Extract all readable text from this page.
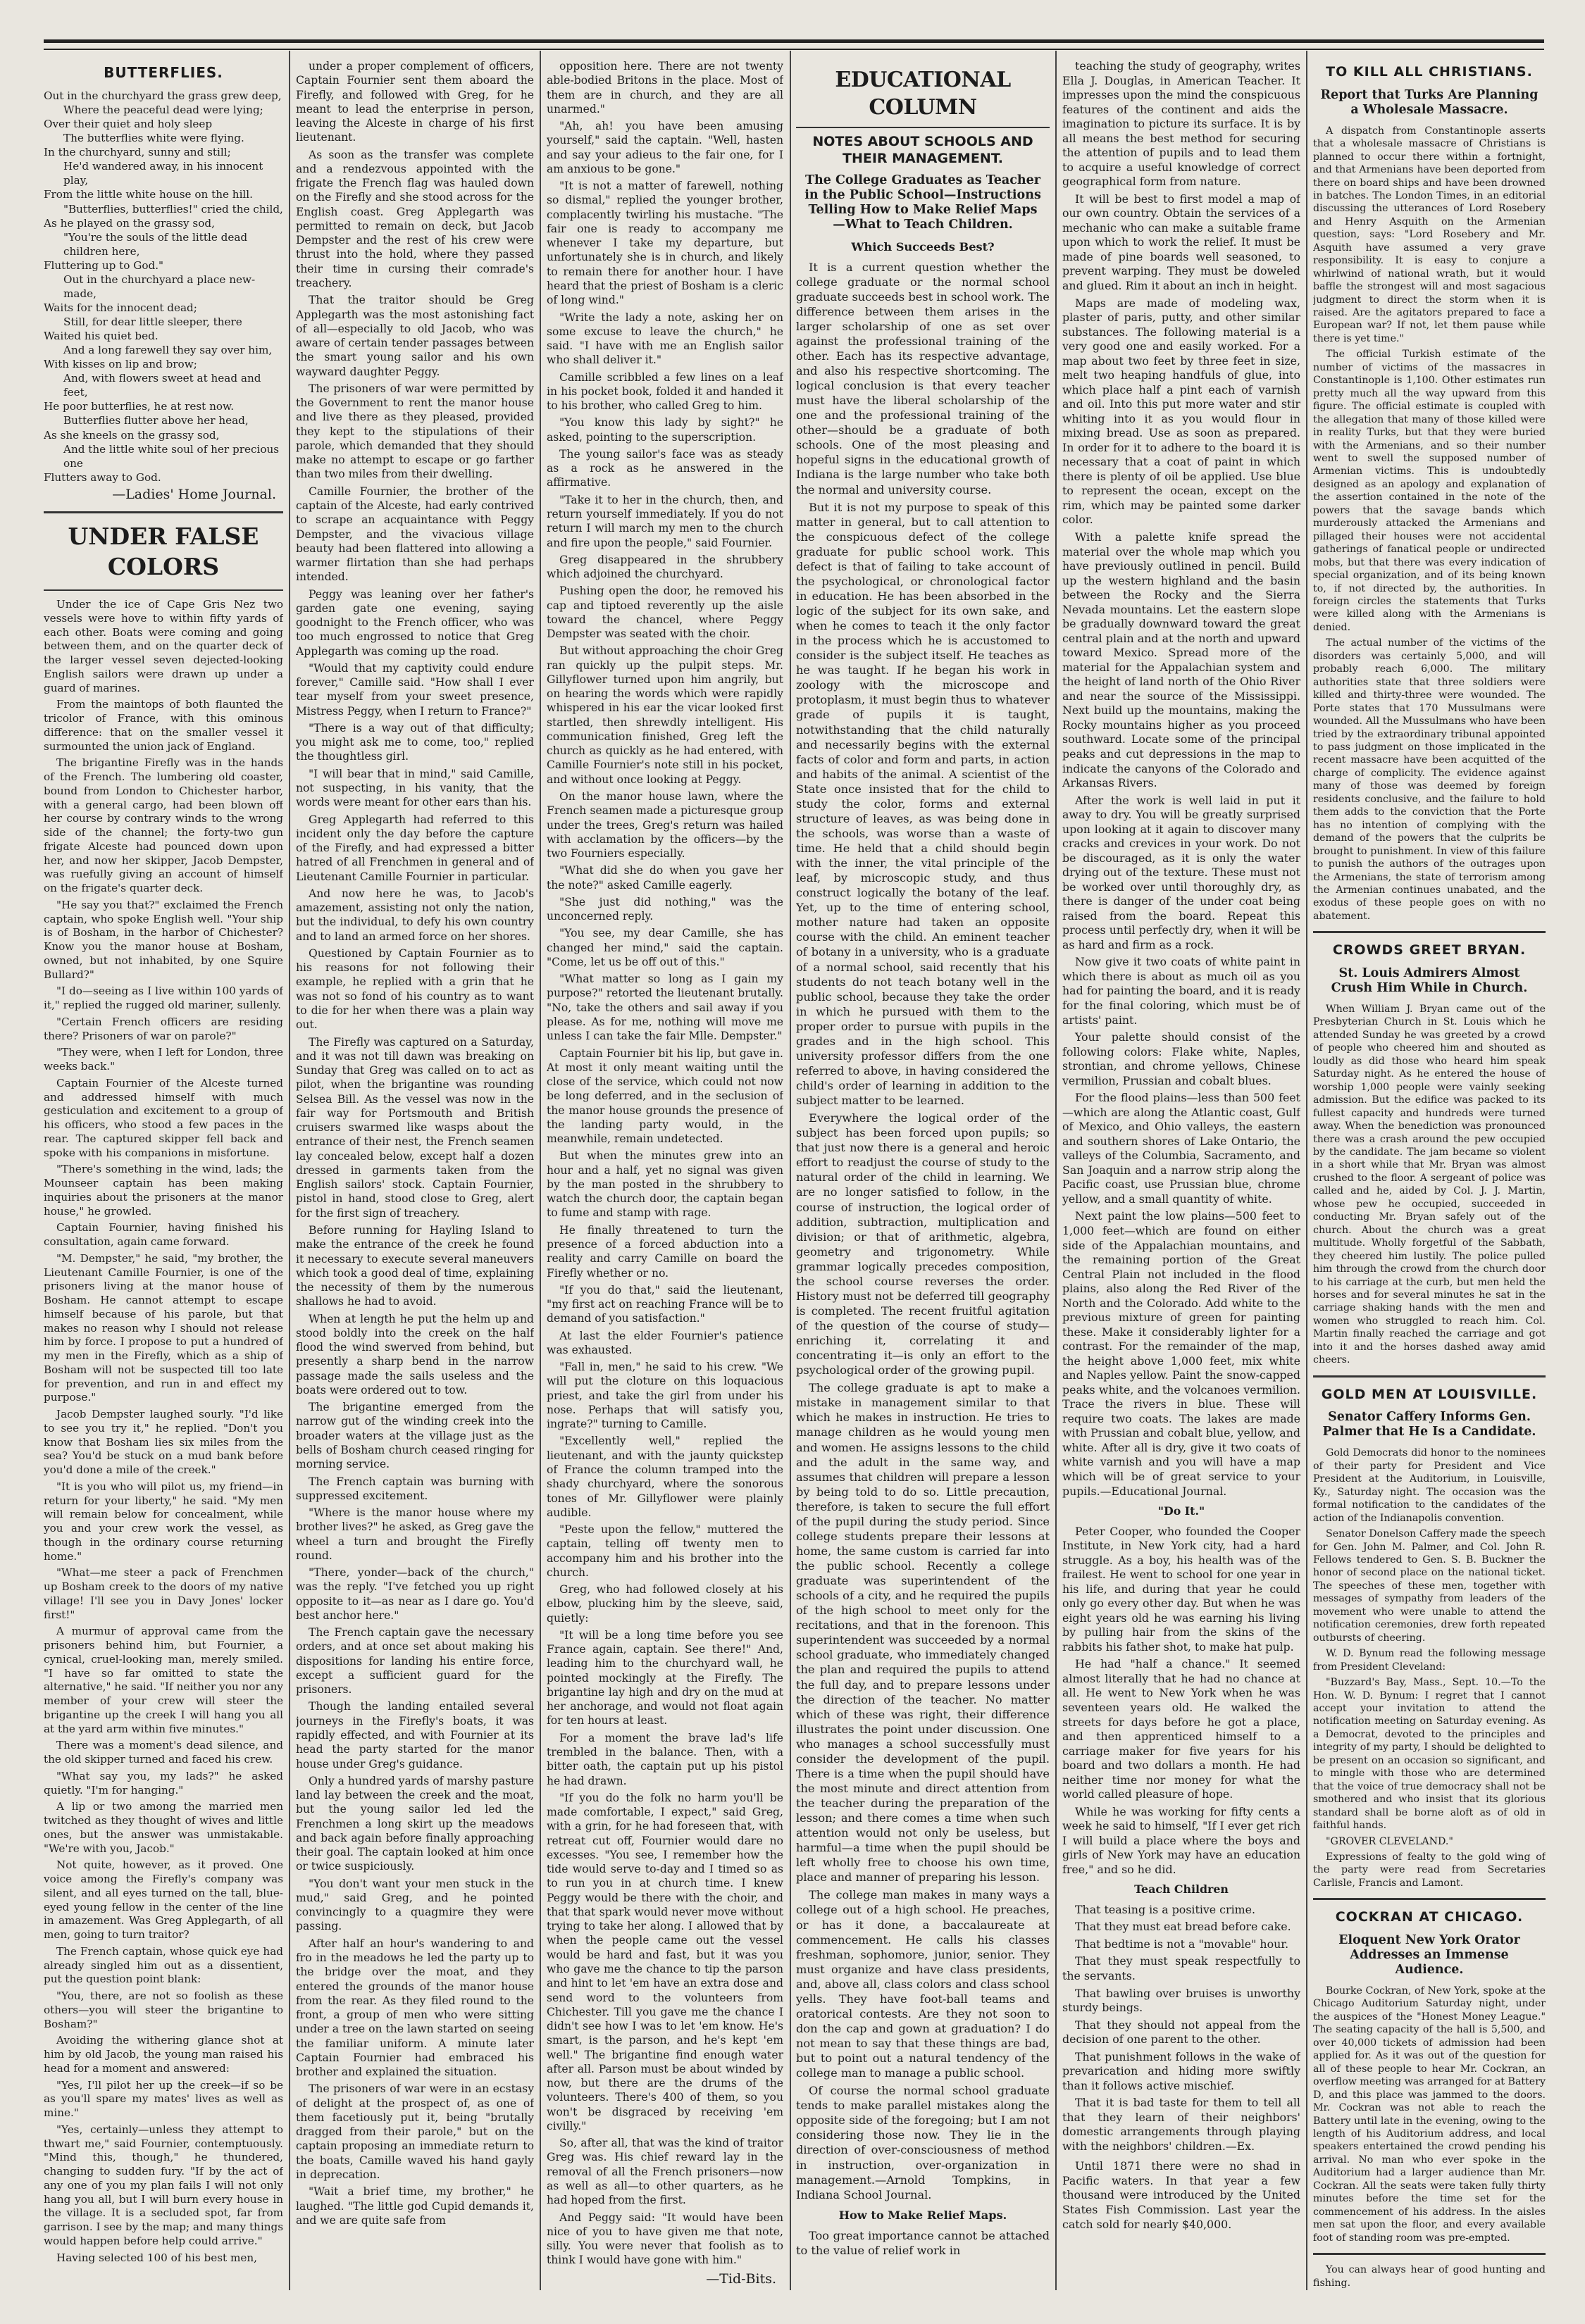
BUTTERFLIES.
Out in the churchyard the grass grew deep,
Where the peaceful dead were lying;
Over their quiet and holy sleep
The butterflies white were flying.
In the churchyard, sunny and still;
He'd wandered away, in his innocent play,
From the little white house on the hill.
"Butterflies, butterflies!" cried the child,
As he played on the grassy sod,
"You're the souls of the little dead children here,
Fluttering up to God."
Out in the churchyard a place new-made,
Waits for the innocent dead;
Still, for dear little sleeper, there
Waited his quiet bed.
And a long farewell they say over him,
With kisses on lip and brow;
And, with flowers sweet at head and feet,
He poor butterflies, he at rest now.
Butterflies flutter above her head,
As she kneels on the grassy sod,
And the little white soul of her precious one
Flutters away to God.
—Ladies' Home Journal.
UNDER FALSE COLORS
Under the ice of Cape Gris Nez two vessels were hove to within fifty yards of each other. Boats were coming and going between them, and on the quarter deck of the larger vessel seven dejected-looking English sailors were drawn up under a guard of marines.
From the maintops of both flaunted the tricolor of France, with this ominous difference: that on the smaller vessel it surmounted the union jack of England.
The brigantine Firefly was in the hands of the French. The lumbering old coaster, bound from London to Chichester harbor, with a general cargo, had been blown off her course by contrary winds to the wrong side of the channel; the forty-two gun frigate Alceste had pounced down upon her, and now her skipper, Jacob Dempster, was ruefully giving an account of himself on the frigate's quarter deck.
"He say you that?" exclaimed the French captain, who spoke English well. "Your ship is of Bosham, in the harbor of Chichester? Know you the manor house at Bosham, owned, but not inhabited, by one Squire Bullard?"
"I do—seeing as I live within 100 yards of it," replied the rugged old mariner, sullenly.
"Certain French officers are residing there? Prisoners of war on parole?"
"They were, when I left for London, three weeks back."
Captain Fournier of the Alceste turned and addressed himself with much gesticulation and excitement to a group of his officers, who stood a few paces in the rear. The captured skipper fell back and spoke with his companions in misfortune.
"There's something in the wind, lads; the Mounseer captain has been making inquiries about the prisoners at the manor house," he growled.
Captain Fournier, having finished his consultation, again came forward.
"M. Dempster," he said, "my brother, the Lieutenant Camille Fournier, is one of the prisoners living at the manor house of Bosham. He cannot attempt to escape himself because of his parole, but that makes no reason why I should not release him by force. I propose to put a hundred of my men in the Firefly, which as a ship of Bosham will not be suspected till too late for prevention, and run in and effect my purpose."
Jacob Dempster laughed sourly. "I'd like to see you try it," he replied. "Don't you know that Bosham lies six miles from the sea? You'd be stuck on a mud bank before you'd done a mile of the creek."
"It is you who will pilot us, my friend—in return for your liberty," he said. "My men will remain below for concealment, while you and your crew work the vessel, as though in the ordinary course returning home."
"What—me steer a pack of Frenchmen up Bosham creek to the doors of my native village! I'll see you in Davy Jones' locker first!"
A murmur of approval came from the prisoners behind him, but Fournier, a cynical, cruel-looking man, merely smiled. "I have so far omitted to state the alternative," he said. "If neither you nor any member of your crew will steer the brigantine up the creek I will hang you all at the yard arm within five minutes."
There was a moment's dead silence, and the old skipper turned and faced his crew.
"What say you, my lads?" he asked quietly. "I'm for hanging."
A lip or two among the married men twitched as they thought of wives and little ones, but the answer was unmistakable. "We're with you, Jacob."
Not quite, however, as it proved. One voice among the Firefly's company was silent, and all eyes turned on the tall, blue-eyed young fellow in the center of the line in amazement. Was Greg Applegarth, of all men, going to turn traitor?
The French captain, whose quick eye had already singled him out as a dissentient, put the question point blank:
"You, there, are not so foolish as these others—you will steer the brigantine to Bosham?"
Avoiding the withering glance shot at him by old Jacob, the young man raised his head for a moment and answered:
"Yes, I'll pilot her up the creek—if so be as you'll spare my mates' lives as well as mine."
"Yes, certainly—unless they attempt to thwart me," said Fournier, contemptuously. "Mind this, though," he thundered, changing to sudden fury. "If by the act of any one of you my plan fails I will not only hang you all, but I will burn every house in the village. It is a secluded spot, far from garrison. I see by the map; and many things would happen before help could arrive."
Having selected 100 of his best men,
under a proper complement of officers, Captain Fournier sent them aboard the Firefly, and followed with Greg, for he meant to lead the enterprise in person, leaving the Alceste in charge of his first lieutenant.
As soon as the transfer was complete and a rendezvous appointed with the frigate the French flag was hauled down on the Firefly and she stood across for the English coast. Greg Applegarth was permitted to remain on deck, but Jacob Dempster and the rest of his crew were thrust into the hold, where they passed their time in cursing their comrade's treachery.
That the traitor should be Greg Applegarth was the most astonishing fact of all—especially to old Jacob, who was aware of certain tender passages between the smart young sailor and his own wayward daughter Peggy.
The prisoners of war were permitted by the Government to rent the manor house and live there as they pleased, provided they kept to the stipulations of their parole, which demanded that they should make no attempt to escape or go farther than two miles from their dwelling.
Camille Fournier, the brother of the captain of the Alceste, had early contrived to scrape an acquaintance with Peggy Dempster, and the vivacious village beauty had been flattered into allowing a warmer flirtation than she had perhaps intended.
Peggy was leaning over her father's garden gate one evening, saying goodnight to the French officer, who was too much engrossed to notice that Greg Applegarth was coming up the road.
"Would that my captivity could endure forever," Camille said. "How shall I ever tear myself from your sweet presence, Mistress Peggy, when I return to France?"
"There is a way out of that difficulty; you might ask me to come, too," replied the thoughtless girl.
"I will bear that in mind," said Camille, not suspecting, in his vanity, that the words were meant for other ears than his.
Greg Applegarth had referred to this incident only the day before the capture of the Firefly, and had expressed a bitter hatred of all Frenchmen in general and of Lieutenant Camille Fournier in particular.
And now here he was, to Jacob's amazement, assisting not only the nation, but the individual, to defy his own country and to land an armed force on her shores.
Questioned by Captain Fournier as to his reasons for not following their example, he replied with a grin that he was not so fond of his country as to want to die for her when there was a plain way out.
The Firefly was captured on a Saturday, and it was not till dawn was breaking on Sunday that Greg was called on to act as pilot, when the brigantine was rounding Selsea Bill. As the vessel was now in the fair way for Portsmouth and British cruisers swarmed like wasps about the entrance of their nest, the French seamen lay concealed below, except half a dozen dressed in garments taken from the English sailors' stock. Captain Fournier, pistol in hand, stood close to Greg, alert for the first sign of treachery.
Before running for Hayling Island to make the entrance of the creek he found it necessary to execute several maneuvers which took a good deal of time, explaining the necessity of them by the numerous shallows he had to avoid.
When at length he put the helm up and stood boldly into the creek on the half flood the wind swerved from behind, but presently a sharp bend in the narrow passage made the sails useless and the boats were ordered out to tow.
The brigantine emerged from the narrow gut of the winding creek into the broader waters at the village just as the bells of Bosham church ceased ringing for morning service.
The French captain was burning with suppressed excitement.
"Where is the manor house where my brother lives?" he asked, as Greg gave the wheel a turn and brought the Firefly round.
"There, yonder—back of the church," was the reply. "I've fetched you up right opposite to it—as near as I dare go. You'd best anchor here."
The French captain gave the necessary orders, and at once set about making his dispositions for landing his entire force, except a sufficient guard for the prisoners.
Though the landing entailed several journeys in the Firefly's boats, it was rapidly effected, and with Fournier at its head the party started for the manor house under Greg's guidance.
Only a hundred yards of marshy pasture land lay between the creek and the moat, but the young sailor led led the Frenchmen a long skirt up the meadows and back again before finally approaching their goal. The captain looked at him once or twice suspiciously.
"You don't want your men stuck in the mud," said Greg, and he pointed convincingly to a quagmire they were passing.
After half an hour's wandering to and fro in the meadows he led the party up to the bridge over the moat, and they entered the grounds of the manor house from the rear. As they filed round to the front, a group of men who were sitting under a tree on the lawn started on seeing the familiar uniform. A minute later Captain Fournier had embraced his brother and explained the situation.
The prisoners of war were in an ecstasy of delight at the prospect of, as one of them facetiously put it, being "brutally dragged from their parole," but on the captain proposing an immediate return to the boats, Camille waved his hand gayly in deprecation.
"Wait a brief time, my brother," he laughed. "The little god Cupid demands it, and we are quite safe from
opposition here. There are not twenty able-bodied Britons in the place. Most of them are in church, and they are all unarmed."
"Ah, ah! you have been amusing yourself," said the captain. "Well, hasten and say your adieus to the fair one, for I am anxious to be gone."
"It is not a matter of farewell, nothing so dismal," replied the younger brother, complacently twirling his mustache. "The fair one is ready to accompany me whenever I take my departure, but unfortunately she is in church, and likely to remain there for another hour. I have heard that the priest of Bosham is a cleric of long wind."
"Write the lady a note, asking her on some excuse to leave the church," he said. "I have with me an English sailor who shall deliver it."
Camille scribbled a few lines on a leaf in his pocket book, folded it and handed it to his brother, who called Greg to him.
"You know this lady by sight?" he asked, pointing to the superscription.
The young sailor's face was as steady as a rock as he answered in the affirmative.
"Take it to her in the church, then, and return yourself immediately. If you do not return I will march my men to the church and fire upon the people," said Fournier.
Greg disappeared in the shrubbery which adjoined the churchyard.
Pushing open the door, he removed his cap and tiptoed reverently up the aisle toward the chancel, where Peggy Dempster was seated with the choir.
But without approaching the choir Greg ran quickly up the pulpit steps. Mr. Gillyflower turned upon him angrily, but on hearing the words which were rapidly whispered in his ear the vicar looked first startled, then shrewdly intelligent. His communication finished, Greg left the church as quickly as he had entered, with Camille Fournier's note still in his pocket, and without once looking at Peggy.
On the manor house lawn, where the French seamen made a picturesque group under the trees, Greg's return was hailed with acclamation by the officers—by the two Fourniers especially.
"What did she do when you gave her the note?" asked Camille eagerly.
"She just did nothing," was the unconcerned reply.
"You see, my dear Camille, she has changed her mind," said the captain. "Come, let us be off out of this."
"What matter so long as I gain my purpose?" retorted the lieutenant brutally. "No, take the others and sail away if you please. As for me, nothing will move me unless I can take the fair Mlle. Dempster."
Captain Fournier bit his lip, but gave in. At most it only meant waiting until the close of the service, which could not now be long deferred, and in the seclusion of the manor house grounds the presence of the landing party would, in the meanwhile, remain undetected.
But when the minutes grew into an hour and a half, yet no signal was given by the man posted in the shrubbery to watch the church door, the captain began to fume and stamp with rage.
He finally threatened to turn the presence of a forced abduction into a reality and carry Camille on board the Firefly whether or no.
"If you do that," said the lieutenant, "my first act on reaching France will be to demand of you satisfaction."
At last the elder Fournier's patience was exhausted.
"Fall in, men," he said to his crew. "We will put the cloture on this loquacious priest, and take the girl from under his nose. Perhaps that will satisfy you, ingrate?" turning to Camille.
"Excellently well," replied the lieutenant, and with the jaunty quickstep of France the column tramped into the shady churchyard, where the sonorous tones of Mr. Gillyflower were plainly audible.
"Peste upon the fellow," muttered the captain, telling off twenty men to accompany him and his brother into the church.
Greg, who had followed closely at his elbow, plucking him by the sleeve, said, quietly:
"It will be a long time before you see France again, captain. See there!" And, leading him to the churchyard wall, he pointed mockingly at the Firefly. The brigantine lay high and dry on the mud at her anchorage, and would not float again for ten hours at least.
For a moment the brave lad's life trembled in the balance. Then, with a bitter oath, the captain put up his pistol he had drawn.
"If you do the folk no harm you'll be made comfortable, I expect," said Greg, with a grin, for he had foreseen that, with retreat cut off, Fournier would dare no excesses. "You see, I remember how the tide would serve to-day and I timed so as to run you in at church time. I knew Peggy would be there with the choir, and that that spark would never move without trying to take her along. I allowed that by when the people came out the vessel would be hard and fast, but it was you who gave me the chance to tip the parson and hint to let 'em have an extra dose and send word to the volunteers from Chichester. Till you gave me the chance I didn't see how I was to let 'em know. He's smart, is the parson, and he's kept 'em well." The brigantine find enough water after all. Parson must be about winded by now, but there are the drums of the volunteers. There's 400 of them, so you won't be disgraced by receiving 'em civilly."
So, after all, that was the kind of traitor Greg was. His chief reward lay in the removal of all the French prisoners—now as well as all—to other quarters, as he had hoped from the first.
And Peggy said: "It would have been nice of you to have given me that note, silly. You were never that foolish as to think I would have gone with him."
—Tid-Bits.
EDUCATIONAL COLUMN
NOTES ABOUT SCHOOLS AND THEIR MANAGEMENT.
The College Graduates as Teacher in the Public School—Instructions Telling How to Make Relief Maps—What to Teach Children.
Which Succeeds Best?
It is a current question whether the college graduate or the normal school graduate succeeds best in school work. The difference between them arises in the larger scholarship of one as set over against the professional training of the other. Each has its respective advantage, and also his respective shortcoming. The logical conclusion is that every teacher must have the liberal scholarship of the one and the professional training of the other—should be a graduate of both schools. One of the most pleasing and hopeful signs in the educational growth of Indiana is the large number who take both the normal and university course.
But it is not my purpose to speak of this matter in general, but to call attention to the conspicuous defect of the college graduate for public school work. This defect is that of failing to take account of the psychological, or chronological factor in education. He has been absorbed in the logic of the subject for its own sake, and when he comes to teach it the only factor in the process which he is accustomed to consider is the subject itself. He teaches as he was taught. If he began his work in zoology with the microscope and protoplasm, it must begin thus to whatever grade of pupils it is taught, notwithstanding that the child naturally and necessarily begins with the external facts of color and form and parts, in action and habits of the animal. A scientist of the State once insisted that for the child to study the color, forms and external structure of leaves, as was being done in the schools, was worse than a waste of time. He held that a child should begin with the inner, the vital principle of the leaf, by microscopic study, and thus construct logically the botany of the leaf. Yet, up to the time of entering school, mother nature had taken an opposite course with the child. An eminent teacher of botany in a university, who is a graduate of a normal school, said recently that his students do not teach botany well in the public school, because they take the order in which he pursued with them to the proper order to pursue with pupils in the grades and in the high school. This university professor differs from the one referred to above, in having considered the child's order of learning in addition to the subject matter to be learned.
Everywhere the logical order of the subject has been forced upon pupils; so that just now there is a general and heroic effort to readjust the course of study to the natural order of the child in learning. We are no longer satisfied to follow, in the course of instruction, the logical order of addition, subtraction, multiplication and division; or that of arithmetic, algebra, geometry and trigonometry. While grammar logically precedes composition, the school course reverses the order. History must not be deferred till geography is completed. The recent fruitful agitation of the question of the course of study—enriching it, correlating it and concentrating it—is only an effort to the psychological order of the growing pupil.
The college graduate is apt to make a mistake in management similar to that which he makes in instruction. He tries to manage children as he would young men and women. He assigns lessons to the child and the adult in the same way, and assumes that children will prepare a lesson by being told to do so. Little precaution, therefore, is taken to secure the full effort of the pupil during the study period. Since college students prepare their lessons at home, the same custom is carried far into the public school. Recently a college graduate was superintendent of the schools of a city, and he required the pupils of the high school to meet only for the recitations, and that in the forenoon. This superintendent was succeeded by a normal school graduate, who immediately changed the plan and required the pupils to attend the full day, and to prepare lessons under the direction of the teacher. No matter which of these was right, their difference illustrates the point under discussion. One who manages a school successfully must consider the development of the pupil. There is a time when the pupil should have the most minute and direct attention from the teacher during the preparation of the lesson; and there comes a time when such attention would not only be useless, but harmful—a time when the pupil should be left wholly free to choose his own time, place and manner of preparing his lesson.
The college man makes in many ways a college out of a high school. He preaches, or has it done, a baccalaureate at commencement. He calls his classes freshman, sophomore, junior, senior. They must organize and have class presidents, and, above all, class colors and class school yells. They have foot-ball teams and oratorical contests. Are they not soon to don the cap and gown at graduation? I do not mean to say that these things are bad, but to point out a natural tendency of the college man to manage a public school.
Of course the normal school graduate tends to make parallel mistakes along the opposite side of the foregoing; but I am not considering those now. They lie in the direction of over-consciousness of method in instruction, over-organization in management.—Arnold Tompkins, in Indiana School Journal.
How to Make Relief Maps.
Too great importance cannot be attached to the value of relief work in
teaching the study of geography, writes Ella J. Douglas, in American Teacher. It impresses upon the mind the conspicuous features of the continent and aids the imagination to picture its surface. It is by all means the best method for securing the attention of pupils and to lead them to acquire a useful knowledge of correct geographical form from nature.
It will be best to first model a map of our own country. Obtain the services of a mechanic who can make a suitable frame upon which to work the relief. It must be made of pine boards well seasoned, to prevent warping. They must be doweled and glued. Rim it about an inch in height.
Maps are made of modeling wax, plaster of paris, putty, and other similar substances. The following material is a very good one and easily worked. For a map about two feet by three feet in size, melt two heaping handfuls of glue, into which place half a pint each of varnish and oil. Into this put more water and stir whiting into it as you would flour in mixing bread. Use as soon as prepared. In order for it to adhere to the board it is necessary that a coat of paint in which there is plenty of oil be applied. Use blue to represent the ocean, except on the rim, which may be painted some darker color.
With a palette knife spread the material over the whole map which you have previously outlined in pencil. Build up the western highland and the basin between the Rocky and the Sierra Nevada mountains. Let the eastern slope be gradually downward toward the great central plain and at the north and upward toward Mexico. Spread more of the material for the Appalachian system and the height of land north of the Ohio River and near the source of the Mississippi. Next build up the mountains, making the Rocky mountains higher as you proceed southward. Locate some of the principal peaks and cut depressions in the map to indicate the canyons of the Colorado and Arkansas Rivers.
After the work is well laid in put it away to dry. You will be greatly surprised upon looking at it again to discover many cracks and crevices in your work. Do not be discouraged, as it is only the water drying out of the texture. These must not be worked over until thoroughly dry, as there is danger of the under coat being raised from the board. Repeat this process until perfectly dry, when it will be as hard and firm as a rock.
Now give it two coats of white paint in which there is about as much oil as you had for painting the board, and it is ready for the final coloring, which must be of artists' paint.
Your palette should consist of the following colors: Flake white, Naples, strontian, and chrome yellows, Chinese vermilion, Prussian and cobalt blues.
For the flood plains—less than 500 feet—which are along the Atlantic coast, Gulf of Mexico, and Ohio valleys, the eastern and southern shores of Lake Ontario, the valleys of the Columbia, Sacramento, and San Joaquin and a narrow strip along the Pacific coast, use Prussian blue, chrome yellow, and a small quantity of white.
Next paint the low plains—500 feet to 1,000 feet—which are found on either side of the Appalachian mountains, and the remaining portion of the Great Central Plain not included in the flood plains, also along the Red River of the North and the Colorado. Add white to the previous mixture of green for painting these. Make it considerably lighter for a contrast. For the remainder of the map, the height above 1,000 feet, mix white and Naples yellow. Paint the snow-capped peaks white, and the volcanoes vermilion. Trace the rivers in blue. These will require two coats. The lakes are made with Prussian and cobalt blue, yellow, and white. After all is dry, give it two coats of white varnish and you will have a map which will be of great service to your pupils.—Educational Journal.
"Do It."
Peter Cooper, who founded the Cooper Institute, in New York city, had a hard struggle. As a boy, his health was of the frailest. He went to school for one year in his life, and during that year he could only go every other day. But when he was eight years old he was earning his living by pulling hair from the skins of the rabbits his father shot, to make hat pulp.
He had "half a chance." It seemed almost literally that he had no chance at all. He went to New York when he was seventeen years old. He walked the streets for days before he got a place, and then apprenticed himself to a carriage maker for five years for his board and two dollars a month. He had neither time nor money for what the world called pleasure of hope.
While he was working for fifty cents a week he said to himself, "If I ever get rich I will build a place where the boys and girls of New York may have an education free," and so he did.
Teach Children
That teasing is a positive crime.
That they must eat bread before cake.
That bedtime is not a "movable" hour.
That they must speak respectfully to the servants.
That bawling over bruises is unworthy sturdy beings.
That they should not appeal from the decision of one parent to the other.
That punishment follows in the wake of prevarication and hiding more swiftly than it follows active mischief.
That it is bad taste for them to tell all that they learn of their neighbors' domestic arrangements through playing with the neighbors' children.—Ex.
Until 1871 there were no shad in Pacific waters. In that year a few thousand were introduced by the United States Fish Commission. Last year the catch sold for nearly $40,000.
TO KILL ALL CHRISTIANS.
Report that Turks Are Planning a Wholesale Massacre.
A dispatch from Constantinople asserts that a wholesale massacre of Christians is planned to occur there within a fortnight, and that Armenians have been deported from there on board ships and have been drowned in batches. The London Times, in an editorial discussing the utterances of Lord Rosebery and Henry Asquith on the Armenian question, says: "Lord Rosebery and Mr. Asquith have assumed a very grave responsibility. It is easy to conjure a whirlwind of national wrath, but it would baffle the strongest will and most sagacious judgment to direct the storm when it is raised. Are the agitators prepared to face a European war? If not, let them pause while there is yet time."
The official Turkish estimate of the number of victims of the massacres in Constantinople is 1,100. Other estimates run pretty much all the way upward from this figure. The official estimate is coupled with the allegation that many of those killed were in reality Turks, but that they were buried with the Armenians, and so their number went to swell the supposed number of Armenian victims. This is undoubtedly designed as an apology and explanation of the assertion contained in the note of the powers that the savage bands which murderously attacked the Armenians and pillaged their houses were not accidental gatherings of fanatical people or undirected mobs, but that there was every indication of special organization, and of its being known to, if not directed by, the authorities. In foreign circles the statements that Turks were killed along with the Armenians is denied.
The actual number of the victims of the disorders was certainly 5,000, and will probably reach 6,000. The military authorities state that three soldiers were killed and thirty-three were wounded. The Porte states that 170 Mussulmans were wounded. All the Mussulmans who have been tried by the extraordinary tribunal appointed to pass judgment on those implicated in the recent massacre have been acquitted of the charge of complicity. The evidence against many of those was deemed by foreign residents conclusive, and the failure to hold them adds to the conviction that the Porte has no intention of complying with the demand of the powers that the culprits be brought to punishment. In view of this failure to punish the authors of the outrages upon the Armenians, the state of terrorism among the Armenian continues unabated, and the exodus of these people goes on with no abatement.
CROWDS GREET BRYAN.
St. Louis Admirers Almost Crush Him While in Church.
When William J. Bryan came out of the Presbyterian Church in St. Louis which he attended Sunday he was greeted by a crowd of people who cheered him and shouted as loudly as did those who heard him speak Saturday night. As he entered the house of worship 1,000 people were vainly seeking admission. But the edifice was packed to its fullest capacity and hundreds were turned away. When the benediction was pronounced there was a crash around the pew occupied by the candidate. The jam became so violent in a short while that Mr. Bryan was almost crushed to the floor. A sergeant of police was called and he, aided by Col. J. J. Martin, whose pew he occupied, succeeded in conducting Mr. Bryan safely out of the church. About the church was a great multitude. Wholly forgetful of the Sabbath, they cheered him lustily. The police pulled him through the crowd from the church door to his carriage at the curb, but men held the horses and for several minutes he sat in the carriage shaking hands with the men and women who struggled to reach him. Col. Martin finally reached the carriage and got into it and the horses dashed away amid cheers.
GOLD MEN AT LOUISVILLE.
Senator Caffery Informs Gen. Palmer that He Is a Candidate.
Gold Democrats did honor to the nominees of their party for President and Vice President at the Auditorium, in Louisville, Ky., Saturday night. The occasion was the formal notification to the candidates of the action of the Indianapolis convention.
Senator Donelson Caffery made the speech for Gen. John M. Palmer, and Col. John R. Fellows tendered to Gen. S. B. Buckner the honor of second place on the national ticket. The speeches of these men, together with messages of sympathy from leaders of the movement who were unable to attend the notification ceremonies, drew forth repeated outbursts of cheering.
W. D. Bynum read the following message from President Cleveland:
"Buzzard's Bay, Mass., Sept. 10.—To the Hon. W. D. Bynum: I regret that I cannot accept your invitation to attend the notification meeting on Saturday evening. As a Democrat, devoted to the principles and integrity of my party, I should be delighted to be present on an occasion so significant, and to mingle with those who are determined that the voice of true democracy shall not be smothered and who insist that its glorious standard shall be borne aloft as of old in faithful hands.
"GROVER CLEVELAND."
Expressions of fealty to the gold wing of the party were read from Secretaries Carlisle, Francis and Lamont.
COCKRAN AT CHICAGO.
Eloquent New York Orator Addresses an Immense Audience.
Bourke Cockran, of New York, spoke at the Chicago Auditorium Saturday night, under the auspices of the "Honest Money League." The seating capacity of the hall is 5,500, and over 40,000 tickets of admission had been applied for. As it was out of the question for all of these people to hear Mr. Cockran, an overflow meeting was arranged for at Battery D, and this place was jammed to the doors. Mr. Cockran was not able to reach the Battery until late in the evening, owing to the length of his Auditorium address, and local speakers entertained the crowd pending his arrival. No man who ever spoke in the Auditorium had a larger audience than Mr. Cockran. All the seats were taken fully thirty minutes before the time set for the commencement of his address. In the aisles men sat upon the floor, and every available foot of standing room was pre-empted.
You can always hear of good hunting and fishing.
